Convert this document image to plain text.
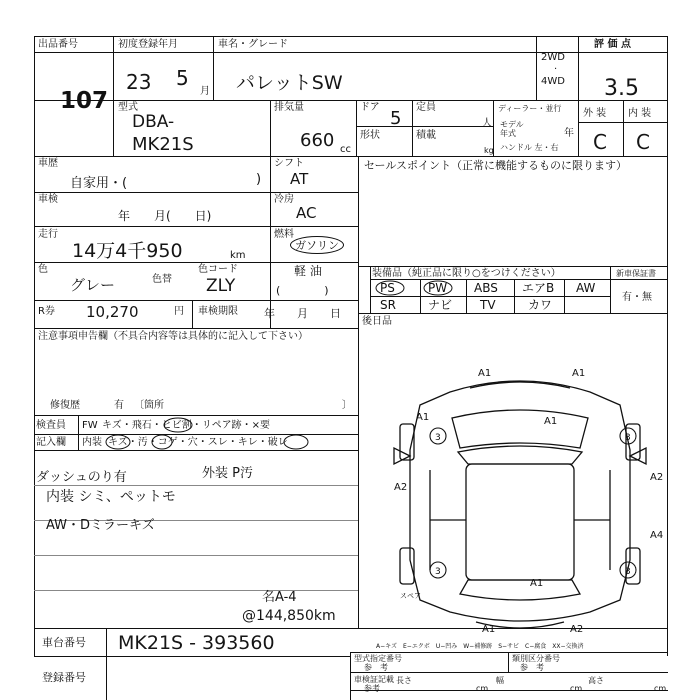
出品番号
107
初度登録年月
23 5
月
車名・グレード
パレットSW
2WD
·
4WD
評 価 点
3.5
外 装 内 装
C C
型式
DBA-
MK21S
排気量
660 cc
ドア
5
定員
人
形状	積載
kg
ディーラー・並行
モデル年式	年
ハンドル 左・右
車歴
自家用・(	)
シフト
AT
車検
年　　月(　　日)
冷房
AC
走行
14万4千950	km
燃料
ガソリン
軽 油
(　　　　)
色
グレー	色替
色コード
ZLY
R券 10,270	円 車検期限 年　　月　　日
セールスポイント（正常に機能するものに限ります）
装備品（純正品に限り○をつけください）	新車保証書
有・無
PS	PW ABS エアB AW
SR	ナビ TV	カワ
後日品
注意事項申告欄（不具合内容等は具体的に記入して下さい）
修復歴	有 〔箇所	〕
検査員
記入欄
FW キズ・飛石・ヒビ割・リペア跡・×要
内装 キズ・汚・コゲ・穴・スレ・キレ・破レ
ダッシュのり有	外装 P汚
内装 シミ、ペットモ
AW・Dミラーキズ
名A-4
@144,850km
A1	A1
A1	A1
A2
A2
A4
A1
A1	A2
3	3
3	3
スペア
A−キズ　E−エクボ　U−凹み　W−補修跡　S−サビ　C−腐食　XX−交換済
車台番号 MK21S - 393560
登録番号
型式指定番号
参　考
類別区分番号
参　考
車検証記載
参考
長さ
cm
幅
cm
高さ
cm
